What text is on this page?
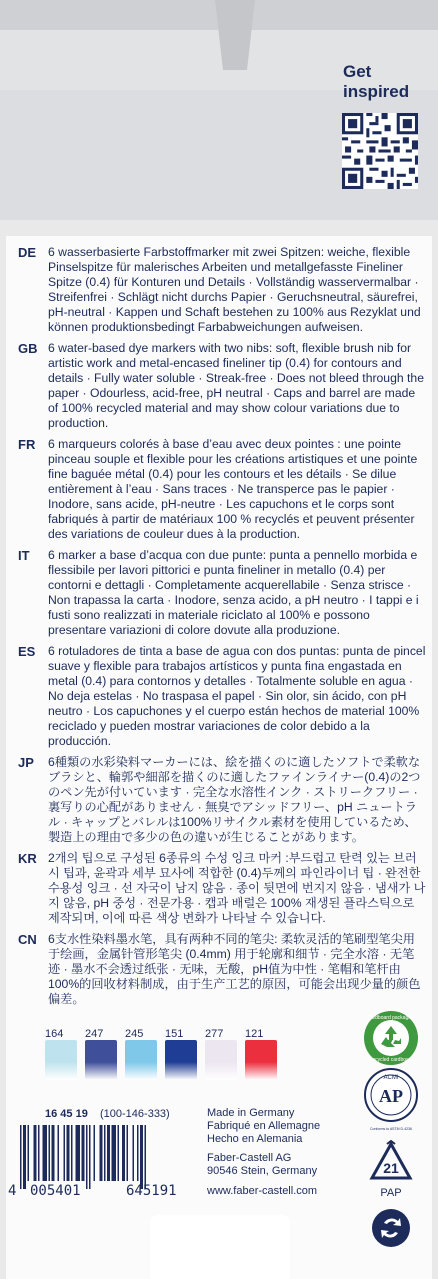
Get
inspired
DE 6 wasserbasierte Farbstoffmarker mit zwei Spitzen: weiche, flexible Pinselspitze für malerisches Arbeiten und metallgefasste Fineliner Spitze (0.4) für Konturen und Details · Vollständig wasservermalbar · Streifenfrei · Schlägt nicht durchs Papier · Geruchsneutral, säurefrei, pH-neutral · Kappen und Schaft bestehen zu 100% aus Rezyklat und können produktionsbedingt Farbabweichungen aufweisen.
GB 6 water-based dye markers with two nibs: soft, flexible brush nib for artistic work and metal-encased fineliner tip (0.4) for contours and details · Fully water soluble · Streak-free · Does not bleed through the paper · Odourless, acid-free, pH neutral · Caps and barrel are made of 100% recycled material and may show colour variations due to production.
FR	6 marqueurs colorés à base d’eau avec deux pointes : une pointe pinceau souple et flexible pour les créations artistiques et une pointe fine baguée métal (0.4) pour les contours et les détails · Se dilue entièrement à l’eau · Sans traces · Ne transperce pas le papier · Inodore, sans acide, pH-neutre · Les capuchons et le corps sont fabriqués à partir de matériaux 100 % recyclés et peuvent présenter des variations de couleur dues à la production.
IT	6 marker a base d’acqua con due punte: punta a pennello morbida e flessibile per lavori pittorici e punta fineliner in metallo (0.4) per contorni e dettagli · Completamente acquerellabile · Senza strisce · Non trapassa la carta · Inodore, senza acido, a pH neutro · I tappi e i fusti sono realizzati in materiale riciclato al 100% e possono presentare variazioni di colore dovute alla produzione.
ES	6 rotuladores de tinta a base de agua con dos puntas: punta de pincel suave y flexible para trabajos artísticos y punta fina engastada en metal (0.4) para contornos y detalles · Totalmente soluble en agua · No deja estelas · No traspasa el papel · Sin olor, sin ácido, con pH neutro · Los capuchones y el cuerpo están hechos de material 100% reciclado y pueden mostrar variaciones de color debido a la producción.
JP	6種類の水彩染料マーカーには、絵を描くのに適したソフトで柔軟なブラシと、輪郭や細部を描くのに適したファインライナー(0.4)の2つのペン先が付いています · 完全な水溶性インク · ストリークフリー · 裏写りの心配がありません · 無臭でアシッドフリー、pH ニュートラル · キャップとバレルは100%リサイクル素材を使用しているため、製造上の理由で多少の色の違いが生じることがあります。
KR 2개의 팁으로 구성된 6종류의 수성 잉크 마커 :부드럽고 탄력 있는 브러시 팁과, 윤곽과 세부 묘사에 적합한 (0.4)두께의 파인라이너 팁 · 완전한 수용성 잉크 · 선 자국이 남지 않음 · 종이 뒷면에 번지지 않음 · 냄새가 나지 않음, pH 중성 · 전문가용 · 캡과 배럴은 100% 재생된 플라스틱으로 제작되며, 이에 따른 색상 변화가 나타날 수 있습니다.
CN 6支水性染料墨水笔，具有两种不同的笔尖: 柔软灵活的笔刷型笔尖用于绘画，金属针管形笔尖 (0.4mm) 用于轮廓和细节 · 完全水溶 · 无笔迹 · 墨水不会透过纸张 · 无味，无酸，pH值为中性 · 笔帽和笔杆由100%的回收材料制成，由于生产工艺的原因，可能会出现少量的颜色偏差。
164	247	245	151	277	121
Cardboard packaging
Recycled cardboard
ACMI
AP
Conforms to ASTM D-4236
21
PAP
16 45 19 (100-146-333)	Made in Germany
Fabriqué en Allemagne
Hecho en Alemania
Faber-Castell AG
90546 Stein, Germany
www.faber-castell.com
4 005401	645191
